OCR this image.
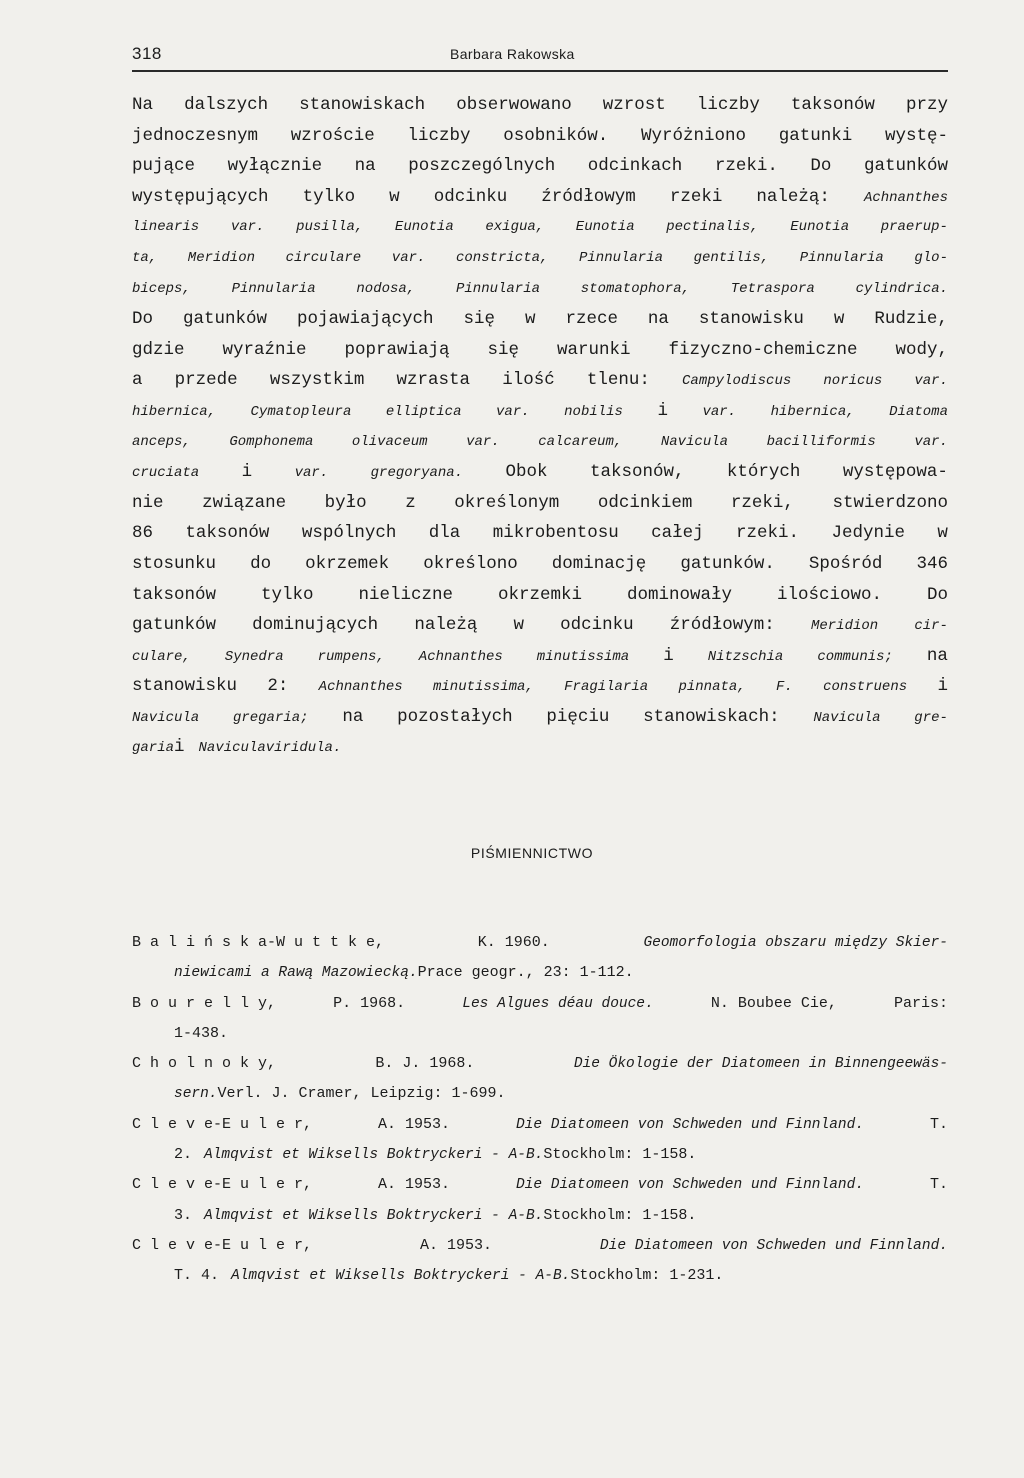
318	Barbara Rakowska
Na dalszych stanowiskach obserwowano wzrost liczby taksonów przy
jednoczesnym wzroście liczby osobników. Wyróżniono gatunki wystę-
pujące wyłącznie na poszczególnych odcinkach rzeki. Do gatunków
występujących tylko w odcinku źródłowym rzeki należą: Achnanthes
linearis var. pusilla, Eunotia exigua, Eunotia pectinalis, Eunotia praerup-
ta, Meridion circulare var. constricta, Pinnularia gentilis, Pinnularia glo-
biceps,	Pinnularia	nodosa,	Pinnularia	stomatophora,	Tetraspora	cylindrica.
Do gatunków pojawiających się w rzece na stanowisku w Rudzie,
gdzie wyraźnie poprawiają się warunki fizyczno-chemiczne wody,
a przede wszystkim wzrasta ilość tlenu: Campylodiscus noricus var.
hibernica, Cymatopleura elliptica var. nobilis i var. hibernica, Diatoma
anceps,	Gomphonema	olivaceum	var.	calcareum,	Navicula	bacilliformis	var.
cruciata i	var.	gregoryana. Obok taksonów, których występowa-
nie związane było z określonym odcinkiem rzeki, stwierdzono
86 taksonów wspólnych dla mikrobentosu całej rzeki. Jedynie w
stosunku do okrzemek określono dominację gatunków. Spośród 346
taksonów	tylko	nieliczne	okrzemki	dominowały	ilościowo.	Do
gatunków dominujących należą w odcinku źródłowym:	Meridion	cir-
culare, Synedra rumpens, Achnanthes minutissima i Nitzschia communis; na
stanowisku 2: Achnanthes minutissima, Fragilaria pinnata, F. construens i
Navicula gregaria; na pozostałych pięciu stanowiskach: Navicula gre-
garia i Navicula viridula.
PIŚMIENNICTWO
B a l i ń s k a-W u t t k e,	K. 1960.	Geomorfologia obszaru między Skier-
niewicami a Rawą Mazowiecką. Prace geogr., 23: 1-112.
B o u r e l l y,	P. 1968.	Les Algues déau douce.	N. Boubee Cie,	Paris:
1-438.
C h o l n o k y,	B. J. 1968.	Die Ökologie der Diatomeen in Binnengeewäs-
sern. Verl. J. Cramer, Leipzig: 1-699.
C l e v e-E u l e r,	A. 1953.	Die Diatomeen von Schweden und Finnland.	T.
2. Almqvist et Wiksells Boktryckeri - A-B. Stockholm: 1-158.
C l e v e-E u l e r,	A. 1953.	Die Diatomeen von Schweden und Finnland.	T.
3. Almqvist et Wiksells Boktryckeri - A-B. Stockholm: 1-158.
C l e v e-E u l e r,	A. 1953.	Die Diatomeen von Schweden und Finnland.
T. 4. Almqvist et Wiksells Boktryckeri - A-B. Stockholm: 1-231.
